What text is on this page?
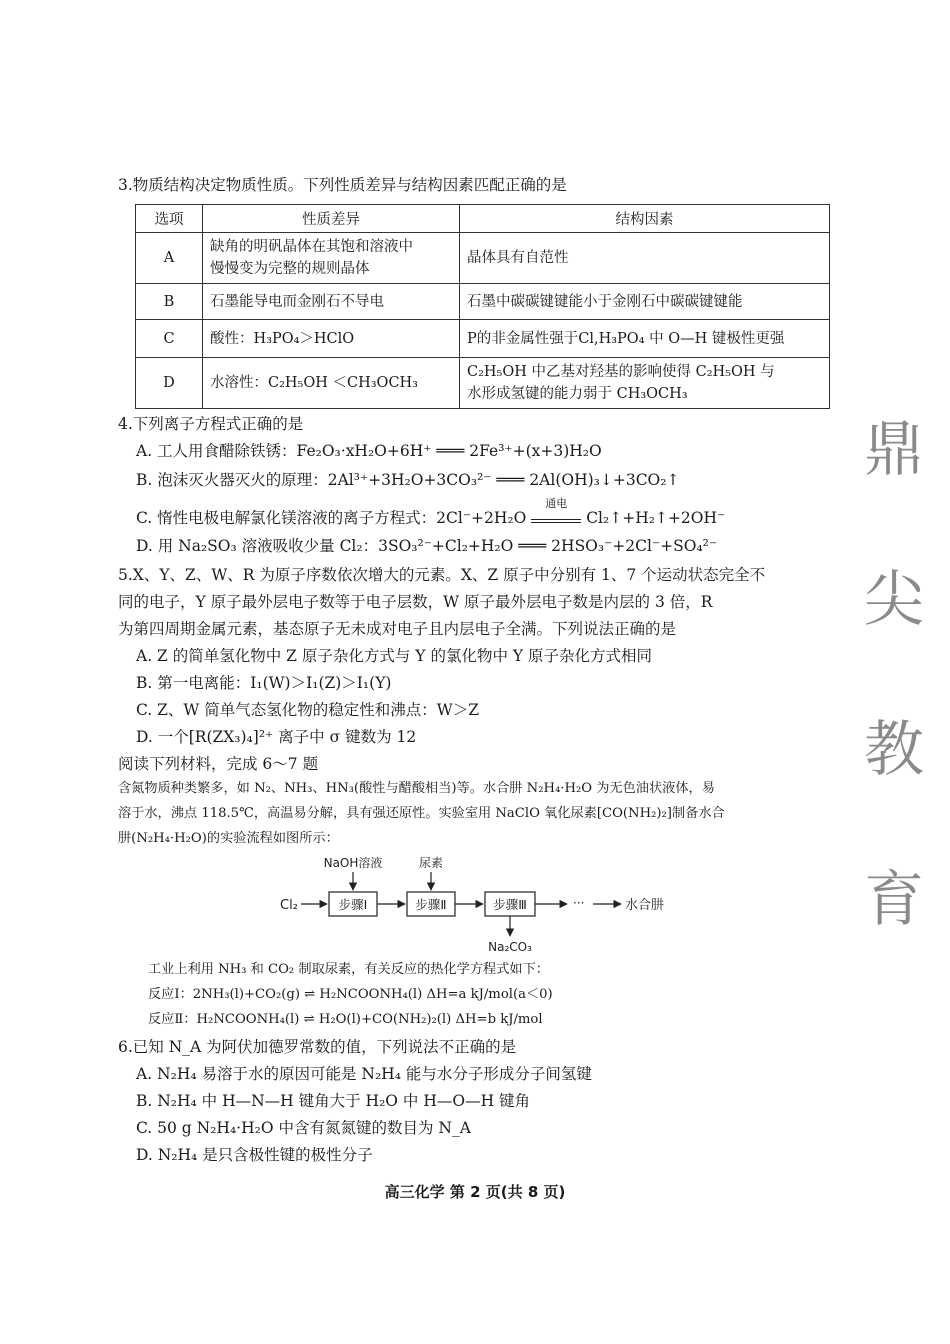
3.物质结构决定物质性质。下列性质差异与结构因素匹配正确的是
选项	性质差异	结构因素
A	缺角的明矾晶体在其饱和溶液中
慢慢变为完整的规则晶体	晶体具有自范性

B	石墨能导电而金刚石不导电	石墨中碳碳键键能小于金刚石中碳碳键键能

C	酸性：H₃PO₄＞HClO	P的非金属性强于Cl,H₃PO₄ 中 O—H 键极性更强

D	水溶性：C₂H₅OH ＜CH₃OCH₃	C₂H₅OH 中乙基对羟基的影响使得 C₂H₅OH 与
水形成氢键的能力弱于 CH₃OCH₃
4.下列离子方程式正确的是
A. 工人用食醋除铁锈：Fe₂O₃·xH₂O+6H⁺ ═══ 2Fe³⁺+(x+3)H₂O
B. 泡沫灭火器灭火的原理：2Al³⁺+3H₂O+3CO₃²⁻ ═══ 2Al(OH)₃↓+3CO₂↑
C. 惰性电极电解氯化镁溶液的离子方程式：2Cl⁻+2H₂O
通电
Cl₂↑+H₂↑+2OH⁻
D. 用 Na₂SO₃ 溶液吸收少量 Cl₂：3SO₃²⁻+Cl₂+H₂O ═══ 2HSO₃⁻+2Cl⁻+SO₄²⁻
5.X、Y、Z、W、R 为原子序数依次增大的元素。X、Z 原子中分别有 1、7 个运动状态完全不
同的电子，Y 原子最外层电子数等于电子层数，W 原子最外层电子数是内层的 3 倍，R
为第四周期金属元素，基态原子无未成对电子且内层电子全满。下列说法正确的是
A. Z 的简单氢化物中 Z 原子杂化方式与 Y 的氯化物中 Y 原子杂化方式相同
B. 第一电离能：I₁(W)＞I₁(Z)＞I₁(Y)
C. Z、W 简单气态氢化物的稳定性和沸点：W＞Z
D. 一个[R(ZX₃)₄]²⁺ 离子中 σ 键数为 12
阅读下列材料，完成 6～7 题
含氮物质种类繁多，如 N₂、NH₃、HN₃(酸性与醋酸相当)等。水合肼 N₂H₄·H₂O 为无色油状液体，易
溶于水，沸点 118.5℃，高温易分解，具有强还原性。实验室用 NaClO 氧化尿素[CO(NH₂)₂]制备水合
肼(N₂H₄·H₂O)的实验流程如图所示：
Cl₂	步骤Ⅰ
NaOH溶液
步骤Ⅱ
尿素
步骤Ⅲ
Na₂CO₃
···	水合肼
工业上利用 NH₃ 和 CO₂ 制取尿素，有关反应的热化学方程式如下：
反应Ⅰ：2NH₃(l)+CO₂(g) ⇌ H₂NCOONH₄(l) ΔH=a kJ/mol(a＜0)
反应Ⅱ：H₂NCOONH₄(l) ⇌ H₂O(l)+CO(NH₂)₂(l) ΔH=b kJ/mol
6.已知 N_A 为阿伏加德罗常数的值，下列说法不正确的是
A. N₂H₄ 易溶于水的原因可能是 N₂H₄ 能与水分子形成分子间氢键
B. N₂H₄ 中 H—N—H 键角大于 H₂O 中 H—O—H 键角
C. 50 g N₂H₄·H₂O 中含有氮氮键的数目为 N_A
D. N₂H₄ 是只含极性键的极性分子
鼎
尖
教
育
高三化学 第 2 页(共 8 页)
